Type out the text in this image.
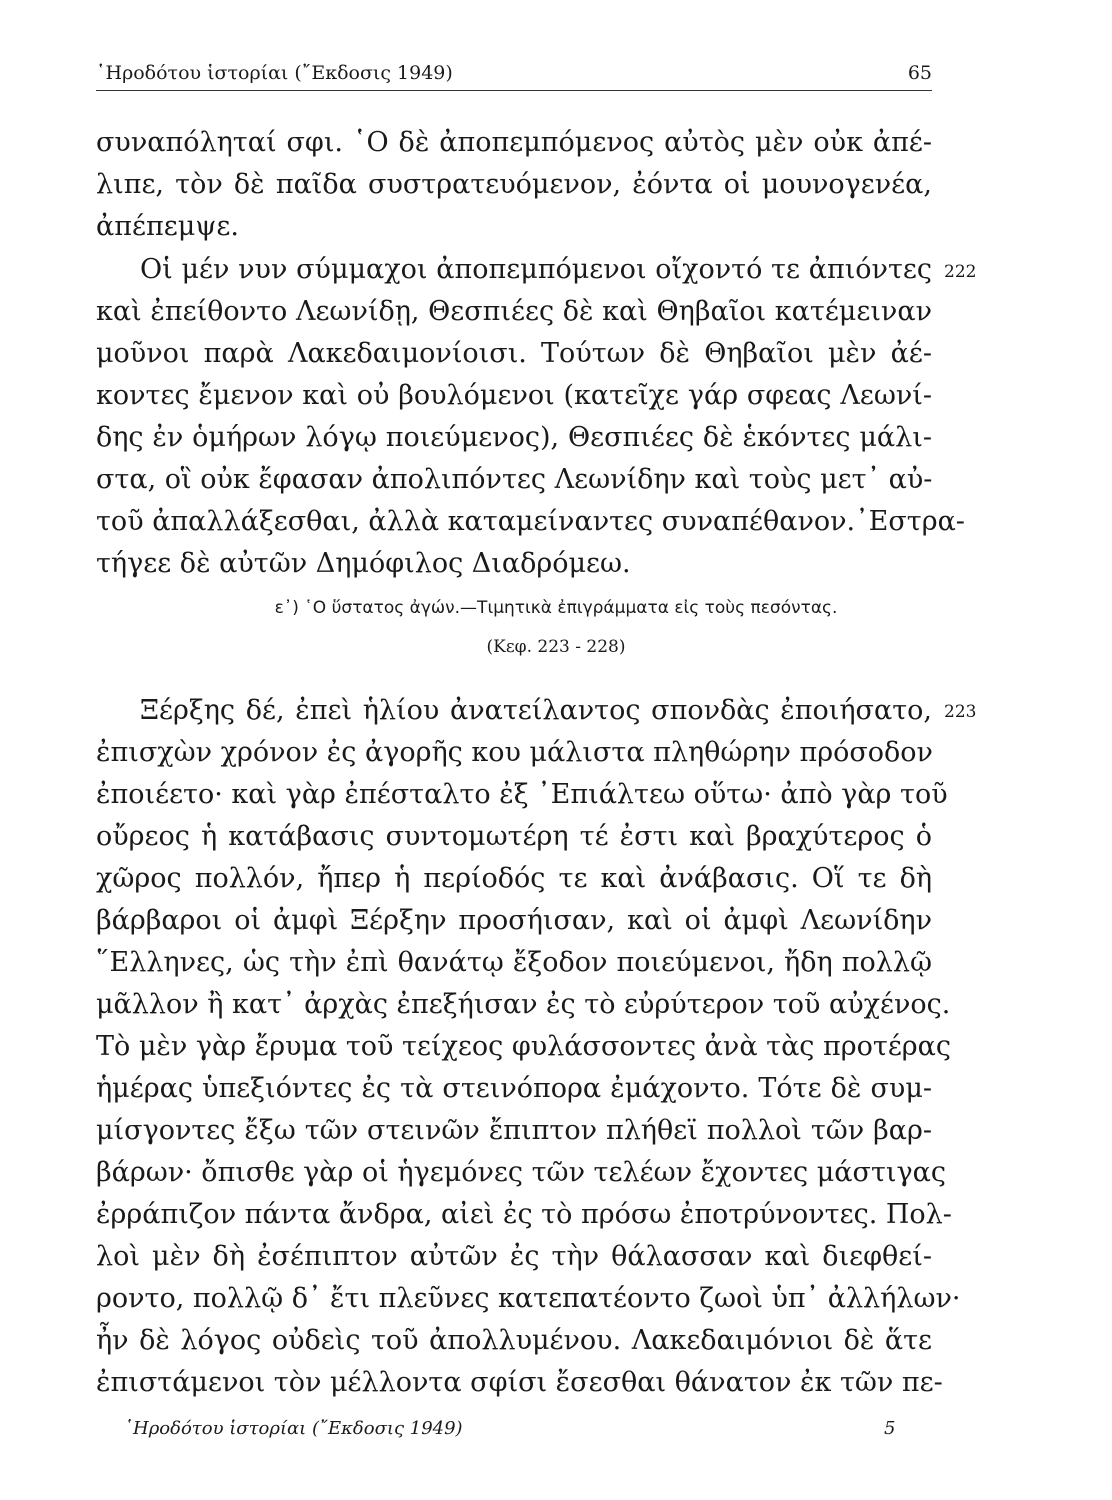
῾Ηροδότου ἱστορίαι (῎Εκδοσις 1949)	65
συναπόληταί σφι. ῾Ο δὲ ἀποπεμπόμενος αὐτὸς μὲν οὐκ ἀπέ-
λιπε, τὸν δὲ παῖδα συστρατευόμενον, ἐόντα οἱ μουνογενέα,
ἀπέπεμψε.
Οἱ μέν νυν σύμμαχοι ἀποπεμπόμενοι οἴχοντό τε ἀπιόντες 222
καὶ ἐπείθοντο Λεωνίδῃ, Θεσπιέες δὲ καὶ Θηβαῖοι κατέμειναν
μοῦνοι παρὰ Λακεδαιμονίοισι. Τούτων δὲ Θηβαῖοι μὲν ἀέ-
κοντες ἔμενον καὶ οὐ βουλόμενοι (κατεῖχε γάρ σφεας Λεωνί-
δης ἐν ὁμήρων λόγῳ ποιεύμενος), Θεσπιέες δὲ ἑκόντες μάλι-
στα, οἳ οὐκ ἔφασαν ἀπολιπόντες Λεωνίδην καὶ τοὺς μετ᾽ αὐ-
τοῦ ἀπαλλάξεσθαι, ἀλλὰ καταμείναντες συναπέθανον.᾽Εστρα-
τήγεε δὲ αὐτῶν Δημόφιλος Διαδρόμεω.
ε᾽) ῾Ο ὕστατος ἀγών.—Τιμητικὰ ἐπιγράμματα εἰς τοὺς πεσόντας.
(Κεφ. 223 - 228)
Ξέρξης δέ, ἐπεὶ ἡλίου ἀνατείλαντος σπονδὰς ἐποιήσατο, 223
ἐπισχὼν χρόνον ἐς ἀγορῆς κου μάλιστα πληθώρην πρόσοδον
ἐποιέετο· καὶ γὰρ ἐπέσταλτο ἐξ ᾽Επιάλτεω οὕτω· ἀπὸ γὰρ τοῦ
οὔρεος ἡ κατάβασις συντομωτέρη τέ ἐστι καὶ βραχύτερος ὁ
χῶρος πολλόν, ἤπερ ἡ περίοδός τε καὶ ἀνάβασις. Οἵ τε δὴ
βάρβαροι οἱ ἀμφὶ Ξέρξην προσήισαν, καὶ οἱ ἀμφὶ Λεωνίδην
῞Ελληνες, ὡς τὴν ἐπὶ θανάτῳ ἔξοδον ποιεύμενοι, ἤδη πολλῷ
μᾶλλον ἢ κατ᾽ ἀρχὰς ἐπεξήισαν ἐς τὸ εὐρύτερον τοῦ αὐχένος.
Τὸ μὲν γὰρ ἔρυμα τοῦ τείχεος φυλάσσοντες ἀνὰ τὰς προτέρας
ἡμέρας ὑπεξιόντες ἐς τὰ στεινόπορα ἐμάχοντο. Τότε δὲ συμ-
μίσγοντες ἔξω τῶν στεινῶν ἔπιπτον πλήθεϊ πολλοὶ τῶν βαρ-
βάρων· ὄπισθε γὰρ οἱ ἡγεμόνες τῶν τελέων ἔχοντες μάστιγας
ἐρράπιζον πάντα ἄνδρα, αἰεὶ ἐς τὸ πρόσω ἐποτρύνοντες. Πολ-
λοὶ μὲν δὴ ἐσέπιπτον αὐτῶν ἐς τὴν θάλασσαν καὶ διεφθεί-
ροντο, πολλῷ δ᾽ ἔτι πλεῦνες κατεπατέοντο ζωοὶ ὑπ᾽ ἀλλήλων·
ἦν δὲ λόγος οὐδεὶς τοῦ ἀπολλυμένου. Λακεδαιμόνιοι δὲ ἅτε
ἐπιστάμενοι τὸν μέλλοντα σφίσι ἔσεσθαι θάνατον ἐκ τῶν πε-
῾Ηροδότου ἱστορίαι (῎Εκδοσις 1949)	5
